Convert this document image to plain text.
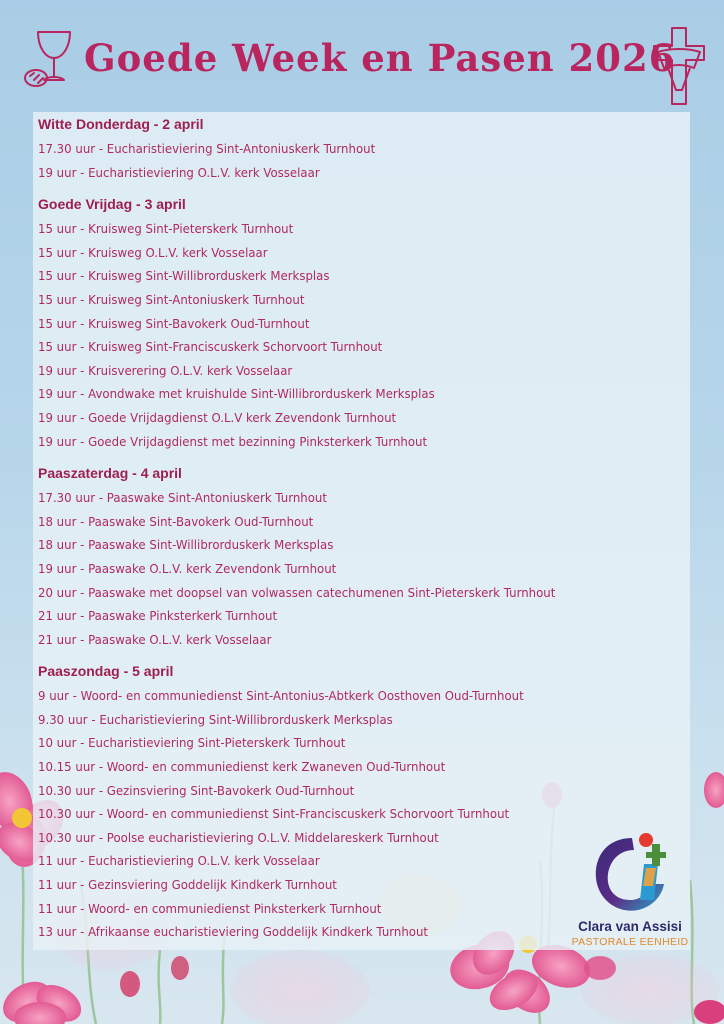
Goede Week en Pasen 2026
Witte Donderdag - 2 april
17.30 uur - Eucharistieviering Sint-Antoniuskerk Turnhout
19 uur - Eucharistieviering O.L.V. kerk Vosselaar
Goede Vrijdag - 3 april
15 uur - Kruisweg Sint-Pieterskerk Turnhout
15 uur - Kruisweg O.L.V. kerk Vosselaar
15 uur - Kruisweg Sint-Willibrorduskerk Merksplas
15 uur - Kruisweg Sint-Antoniuskerk Turnhout
15 uur - Kruisweg Sint-Bavokerk Oud-Turnhout
15 uur - Kruisweg Sint-Franciscuskerk Schorvoort Turnhout
19 uur - Kruisverering O.L.V. kerk Vosselaar
19 uur - Avondwake met kruishulde Sint-Willibrorduskerk Merksplas
19 uur - Goede Vrijdagdienst O.L.V kerk Zevendonk Turnhout
19 uur - Goede Vrijdagdienst met bezinning Pinksterkerk Turnhout
Paaszaterdag - 4 april
17.30 uur - Paaswake Sint-Antoniuskerk Turnhout
18 uur - Paaswake Sint-Bavokerk Oud-Turnhout
18 uur - Paaswake Sint-Willibrorduskerk Merksplas
19 uur - Paaswake O.L.V. kerk Zevendonk Turnhout
20 uur - Paaswake met doopsel van volwassen catechumenen Sint-Pieterskerk Turnhout
21 uur - Paaswake Pinksterkerk Turnhout
21 uur - Paaswake O.L.V. kerk Vosselaar
Paaszondag - 5 april
9 uur - Woord- en communiedienst Sint-Antonius-Abtkerk Oosthoven Oud-Turnhout
9.30 uur - Eucharistieviering Sint-Willibrorduskerk Merksplas
10 uur - Eucharistieviering Sint-Pieterskerk Turnhout
10.15 uur - Woord- en communiedienst kerk Zwaneven Oud-Turnhout
10.30 uur - Gezinsviering Sint-Bavokerk Oud-Turnhout
10.30 uur - Woord- en communiedienst Sint-Franciscuskerk Schorvoort Turnhout
10.30 uur - Poolse eucharistieviering O.L.V. Middelareskerk Turnhout
11 uur - Eucharistieviering O.L.V. kerk Vosselaar
11 uur - Gezinsviering Goddelijk Kindkerk Turnhout
11 uur - Woord- en communiedienst Pinksterkerk Turnhout
13 uur - Afrikaanse eucharistieviering Goddelijk Kindkerk Turnhout	Clara van Assisi
PASTORALE EENHEID
